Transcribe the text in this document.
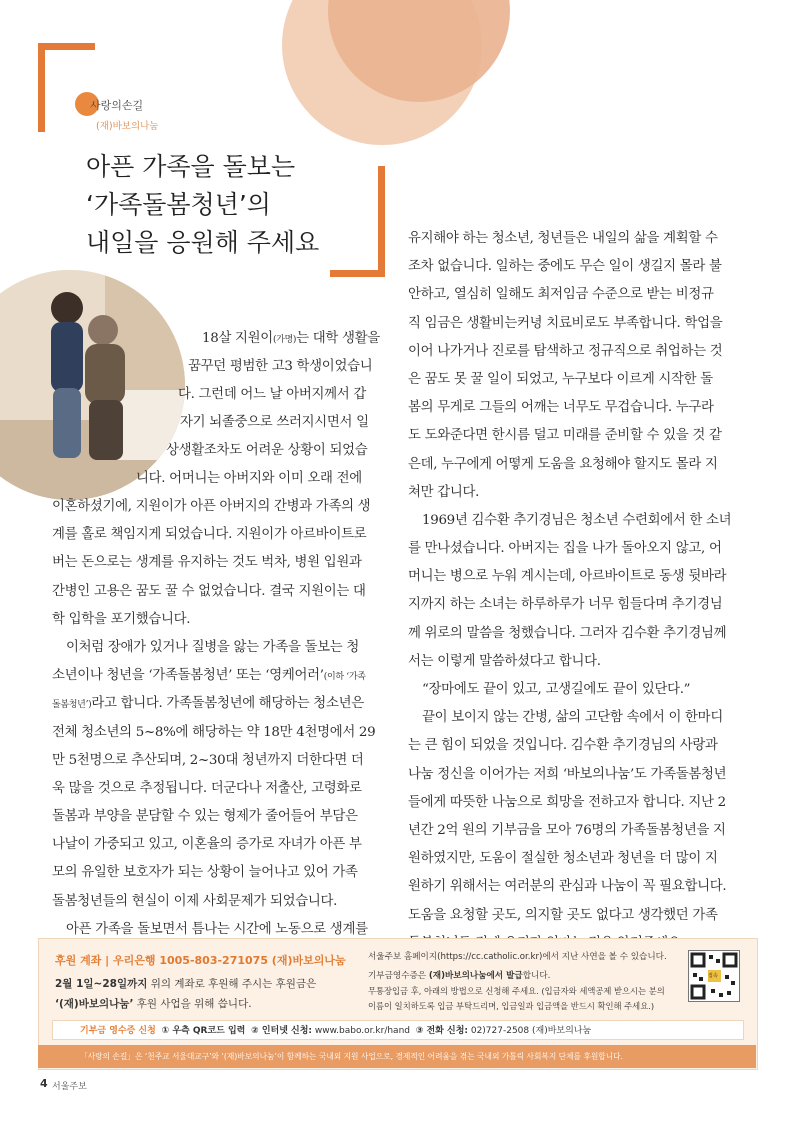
사랑의손길
(재)바보의나눔
아픈 가족을 돌보는
‘가족돌봄청년’의
내일을 응원해 주세요
18살 지원이(가명)는 대학 생활을
꿈꾸던 평범한 고3 학생이었습니
다. 그런데 어느 날 아버지께서 갑
자기 뇌졸중으로 쓰러지시면서 일
상생활조차도 어려운 상황이 되었습
니다. 어머니는 아버지와 이미 오래 전에
이혼하셨기에, 지원이가 아픈 아버지의 간병과 가족의 생
계를 홀로 책임지게 되었습니다. 지원이가 아르바이트로
버는 돈으로는 생계를 유지하는 것도 벅차, 병원 입원과
간병인 고용은 꿈도 꿀 수 없었습니다. 결국 지원이는 대
학 입학을 포기했습니다.
이처럼 장애가 있거나 질병을 앓는 가족을 돌보는 청
소년이나 청년을 ‘가족돌봄청년’ 또는 ‘영케어러’(이하 ‘가족
돌봄청년’)라고 합니다. 가족돌봄청년에 해당하는 청소년은
전체 청소년의 5~8%에 해당하는 약 18만 4천명에서 29
만 5천명으로 추산되며, 2~30대 청년까지 더한다면 더
욱 많을 것으로 추정됩니다. 더군다나 저출산, 고령화로
돌봄과 부양을 분담할 수 있는 형제가 줄어들어 부담은
나날이 가중되고 있고, 이혼율의 증가로 자녀가 아픈 부
모의 유일한 보호자가 되는 상황이 늘어나고 있어 가족
돌봄청년들의 현실이 이제 사회문제가 되었습니다.
아픈 가족을 돌보면서 틈나는 시간에 노동으로 생계를
유지해야 하는 청소년, 청년들은 내일의 삶을 계획할 수
조차 없습니다. 일하는 중에도 무슨 일이 생길지 몰라 불
안하고, 열심히 일해도 최저임금 수준으로 받는 비정규
직 임금은 생활비는커녕 치료비로도 부족합니다. 학업을
이어 나가거나 진로를 탐색하고 정규직으로 취업하는 것
은 꿈도 못 꿀 일이 되었고, 누구보다 이르게 시작한 돌
봄의 무게로 그들의 어깨는 너무도 무겁습니다. 누구라
도 도와준다면 한시름 덜고 미래를 준비할 수 있을 것 같
은데, 누구에게 어떻게 도움을 요청해야 할지도 몰라 지
쳐만 갑니다.
1969년 김수환 추기경님은 청소년 수련회에서 한 소녀
를 만나셨습니다. 아버지는 집을 나가 돌아오지 않고, 어
머니는 병으로 누워 계시는데, 아르바이트로 동생 뒷바라
지까지 하는 소녀는 하루하루가 너무 힘들다며 추기경님
께 위로의 말씀을 청했습니다. 그러자 김수환 추기경님께
서는 이렇게 말씀하셨다고 합니다.
“장마에도 끝이 있고, 고생길에도 끝이 있단다.”
끝이 보이지 않는 간병, 삶의 고단함 속에서 이 한마디
는 큰 힘이 되었을 것입니다. 김수환 추기경님의 사랑과
나눔 정신을 이어가는 저희 ‘바보의나눔’도 가족돌봄청년
들에게 따뜻한 나눔으로 희망을 전하고자 합니다. 지난 2
년간 2억 원의 기부금을 모아 76명의 가족돌봄청년을 지
원하였지만, 도움이 절실한 청소년과 청년을 더 많이 지
원하기 위해서는 여러분의 관심과 나눔이 꼭 필요합니다.
도움을 요청할 곳도, 의지할 곳도 없다고 생각했던 가족
후원 계좌 | 우리은행 1005-803-271075 (재)바보의나눔
2월 1일~28일까지 위의 계좌로 후원해 주시는 후원금은
‘(재)바보의나눔’ 후원 사업을 위해 씁니다.
서울주보 홈페이지(https://cc.catholic.or.kr)에서 지난 사연을 볼 수 있습니다.
기부금영수증은 (재)바보의나눔에서 발급합니다.
무통장입금 후, 아래의 방법으로 신청해 주세요. (입금자와 세액공제 받으시는 분의
이름이 일치하도록 입금 부탁드리며, 입금일과 입금액을 반드시 확인해 주세요.)
접속
기부금 영수증 신청 ① 우측 QR코드 입력 ② 인터넷 신청: www.babo.or.kr/hand ③ 전화 신청: 02)727-2508 (재)바보의나눔
「사랑의 손길」은 ‘천주교 서울대교구’와 ‘(재)바보의나눔’이 함께하는 국내외 지원 사업으로, 경제적인 어려움을 겪는 국내외 가톨릭 사회복지 단체를 후원합니다.
4 서울주보
